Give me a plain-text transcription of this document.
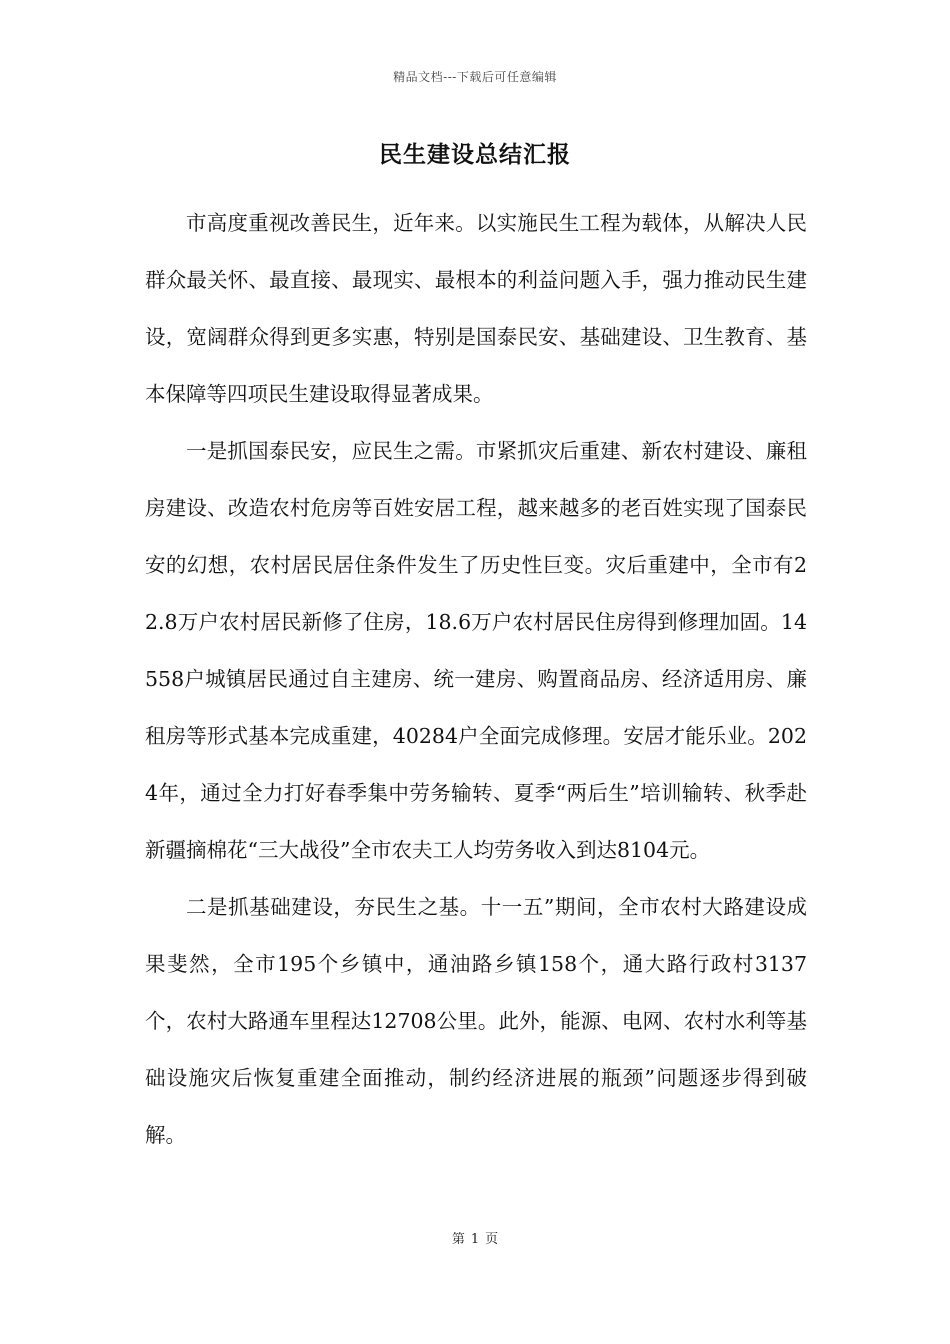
精品文档---下载后可任意编辑
民生建设总结汇报

市高度重视改善民生，近年来。以实施民生工程为载体，从解决人民群众最关怀、最直接、最现实、最根本的利益问题入手，强力推动民生建设，宽阔群众得到更多实惠，特别是国泰民安、基础建设、卫生教育、基本保障等四项民生建设取得显著成果。

一是抓国泰民安，应民生之需。市紧抓灾后重建、新农村建设、廉租房建设、改造农村危房等百姓安居工程，越来越多的老百姓实现了国泰民安的幻想，农村居民居住条件发生了历史性巨变。灾后重建中，全市有22.8万户农村居民新修了住房，18.6万户农村居民住房得到修理加固。14558户城镇居民通过自主建房、统一建房、购置商品房、经济适用房、廉租房等形式基本完成重建，40284户全面完成修理。安居才能乐业。2024年，通过全力打好春季集中劳务输转、夏季“两后生”培训输转、秋季赴新疆摘棉花“三大战役”全市农夫工人均劳务收入到达8104元。

二是抓基础建设，夯民生之基。十一五”期间，全市农村大路建设成果斐然，全市195个乡镇中，通油路乡镇158个，通大路行政村3137个，农村大路通车里程达12708公里。此外，能源、电网、农村水利等基础设施灾后恢复重建全面推动，制约经济进展的瓶颈”问题逐步得到破解。

第 1 页
